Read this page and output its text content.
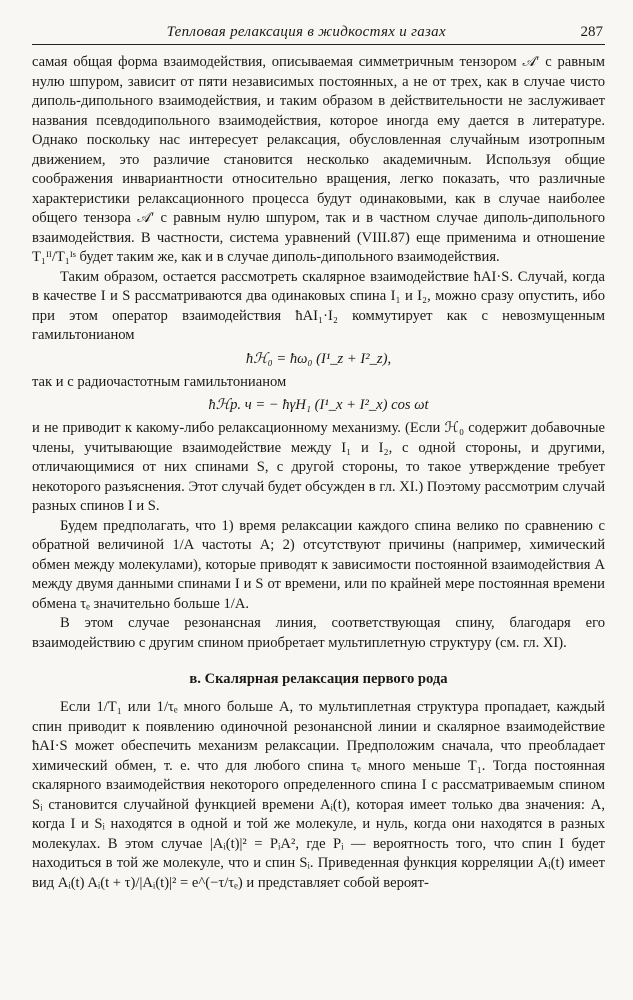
Тепловая релаксация в жидкостях и газах	287

самая общая форма взаимодействия, описываемая симметричным тензором 𝒜′ с равным нулю шпуром, зависит от пяти независимых постоянных, а не от трех, как в случае чисто диполь-дипольного взаимодействия, и таким образом в действительности не заслуживает названия псевдодипольного взаимодействия, которое иногда ему дается в литературе. Однако поскольку нас интересует релаксация, обусловленная случайным изотропным движением, это различие становится несколько академичным. Используя общие соображения инвариантности относительно вращения, легко показать, что различные характеристики релаксационного процесса будут одинаковыми, как в случае наиболее общего тензора 𝒜′ с равным нулю шпуром, так и в частном случае диполь-дипольного взаимодействия. В частности, система уравнений (VIII.87) еще применима и отношение T₁ᴵᴵ/T₁ᴵˢ будет таким же, как и в случае диполь-дипольного взаимодействия.

Таким образом, остается рассмотреть скалярное взаимодействие ħAI·S. Случай, когда в качестве I и S рассматриваются два одинаковых спина I₁ и I₂, можно сразу опустить, ибо при этом оператор взаимодействия ħAI₁·I₂ коммутирует как с невозмущенным гамильтонианом

ħℋ₀ = ħω₀ (I¹_z + I²_z),

так и с радиочастотным гамильтонианом

ħℋр. ч = − ħγH₁ (I¹_x + I²_x) cos ωt

и не приводит к какому-либо релаксационному механизму. (Если ℋ₀ содержит добавочные члены, учитывающие взаимодействие между I₁ и I₂, с одной стороны, и другими, отличающимися от них спинами S, с другой стороны, то такое утверждение требует некоторого разъяснения. Этот случай будет обсужден в гл. XI.) Поэтому рассмотрим случай разных спинов I и S.

Будем предполагать, что 1) время релаксации каждого спина велико по сравнению с обратной величиной 1/A частоты A; 2) отсутствуют причины (например, химический обмен между молекулами), которые приводят к зависимости постоянной взаимодействия A между двумя данными спинами I и S от времени, или по крайней мере постоянная времени обмена τₑ значительно больше 1/A.

В этом случае резонансная линия, соответствующая спину, благодаря его взаимодействию с другим спином приобретает мультиплетную структуру (см. гл. XI).

в. Скалярная релаксация первого рода

Если 1/T₁ или 1/τₑ много больше A, то мультиплетная структура пропадает, каждый спин приводит к появлению одиночной резонансной линии и скалярное взаимодействие ħAI·S может обеспечить механизм релаксации. Предположим сначала, что преобладает химический обмен, т. е. что для любого спина τₑ много меньше T₁. Тогда постоянная скалярного взаимодействия некоторого определенного спина I с рассматриваемым спином Sᵢ становится случайной функцией времени Aᵢ(t), которая имеет только два значения: A, когда I и Sᵢ находятся в одной и той же молекуле, и нуль, когда они находятся в разных молекулах. В этом случае |Aᵢ(t)|² = PᵢA², где Pᵢ — вероятность того, что спин I будет находиться в той же молекуле, что и спин Sᵢ. Приведенная функция корреляции Aᵢ(t) имеет вид Aᵢ(t) Aᵢ(t + τ)/|Aᵢ(t)|² = e^(−τ/τₑ) и представляет собой вероят-
